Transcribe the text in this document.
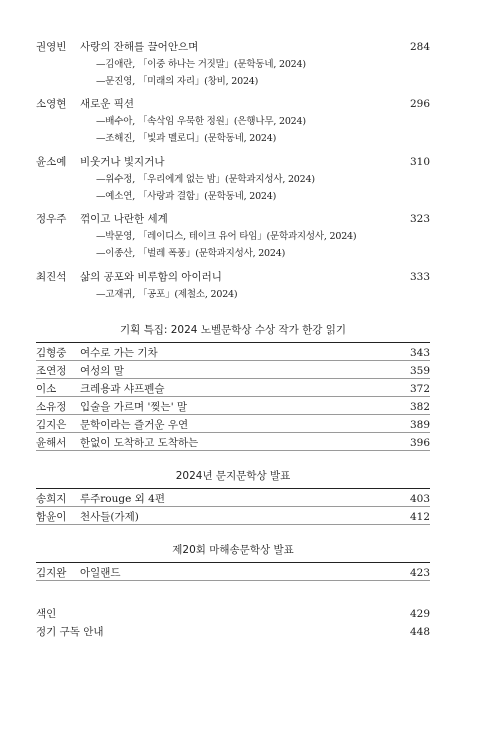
권영빈 사랑의 잔해를 끌어안으며	284
—김애란, 「이중 하나는 거짓말」(문학동네, 2024)
—문진영, 「미래의 자리」(창비, 2024)
소영현 새로운 픽션	296
—배수아, 「속삭임 우묵한 정원」(은행나무, 2024)
—조해진, 「빛과 멜로디」(문학동네, 2024)
윤소예 비웃거나 빛지거나	310
—위수정, 「우리에게 없는 밤」(문학과지성사, 2024)
—예소연, 「사랑과 결함」(문학동네, 2024)
정우주 꺾이고 나란한 세계	323
—박문영, 「레이디스, 테이크 유어 타임」(문학과지성사, 2024)
—이종산, 「벌레 폭풍」(문학과지성사, 2024)
최진석 삶의 공포와 비루함의 아이러니	333
—고재귀, 「공포」(제철소, 2024)
기획 특집: 2024 노벨문학상 수상 작가 한강 읽기
김형중 여수로 가는 기차	343
조연정 여성의 말	359
이소 크레용과 샤프펜슬	372
소유정 입술을 가르며 '찢는' 말	382
김지은 문학이라는 즐거운 우연	389
윤해서 한없이 도착하고 도착하는	396
2024년 문지문학상 발표
송희지 루주rouge 외 4편	403
함윤이 천사들(가제)	412
제20회 마해송문학상 발표
김지완 아일랜드	423
색인	429
정기 구독 안내	448
